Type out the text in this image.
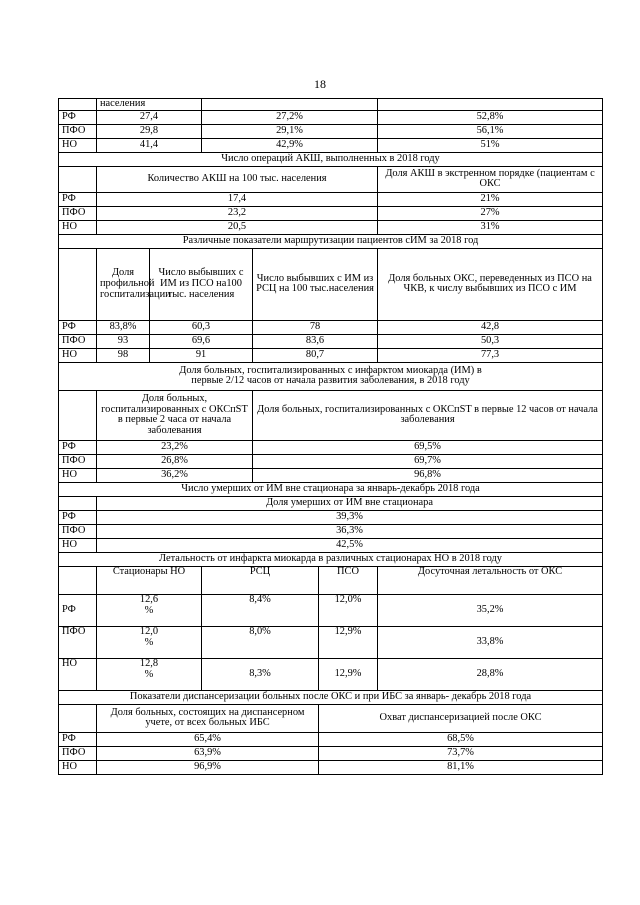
18
	населения					
РФ	27,4		27,2%			52,8%
ПФО	29,8		29,1%			56,1%
НО	41,4		42,9%			51%
Число операций АКШ, выполненных в 2018 году						
	Количество АКШ на 100 тыс. населения					Доля АКШ в экстренном порядке (пациентам с ОКС
РФ	17,4					21%
ПФО	23,2					27%
НО	20,5					31%
Различные показатели маршрутизации пациентов сИМ за 2018 год						
	Доля профильной госпитализации	Число выбывших с ИМ из ПСО на100 тыс. населения		Число выбывших с ИМ из РСЦ на 100 тыс.населения		Доля больных ОКС, переведенных из ПСО на ЧКВ, к числу выбывших из ПСО с ИМ
РФ	83,8%	60,3		78		42,8
ПФО	93	69,6		83,6		50,3
НО	98	91		80,7		77,3
Доля больных, госпитализированных с инфарктом миокарда (ИМ) в
первые 2/12 часов от начала развития заболевания, в 2018 году						
	Доля больных, госпитализированных с ОКСпST в первые 2 часа от начала заболевания			Доля больных, госпитализированных с ОКСпST в первые 12 часов от начала заболевания		
РФ	23,2%			69,5%		
ПФО	26,8%			69,7%		
НО	36,2%			96,8%		
Число умерших от ИМ вне стационара за январь-декабрь 2018 года						
	Доля умерших от ИМ вне стационара					
РФ	39,3%					
ПФО	36,3%					
НО	42,5%					
Летальность от инфаркта миокарда в различных стационарах НО в 2018 году						
	Стационары НО		РСЦ		ПСО	Досуточная летальность от ОКС
РФ	12,6
%		8,4%		12,0%	35,2%
ПФО	12,0
%		8,0%		12,9%	33,8%
НО	12,8
%		8,3%		12,9%	28,8%
Показатели диспансеризации больных после ОКС и при ИБС за январь- декабрь 2018 года						
	Доля больных, состоящих на диспансерном учете, от всех больных ИБС				Охват диспансеризацией после ОКС	
РФ	65,4%				68,5%	
ПФО	63,9%				73,7%	
НО	96,9%				81,1%	
